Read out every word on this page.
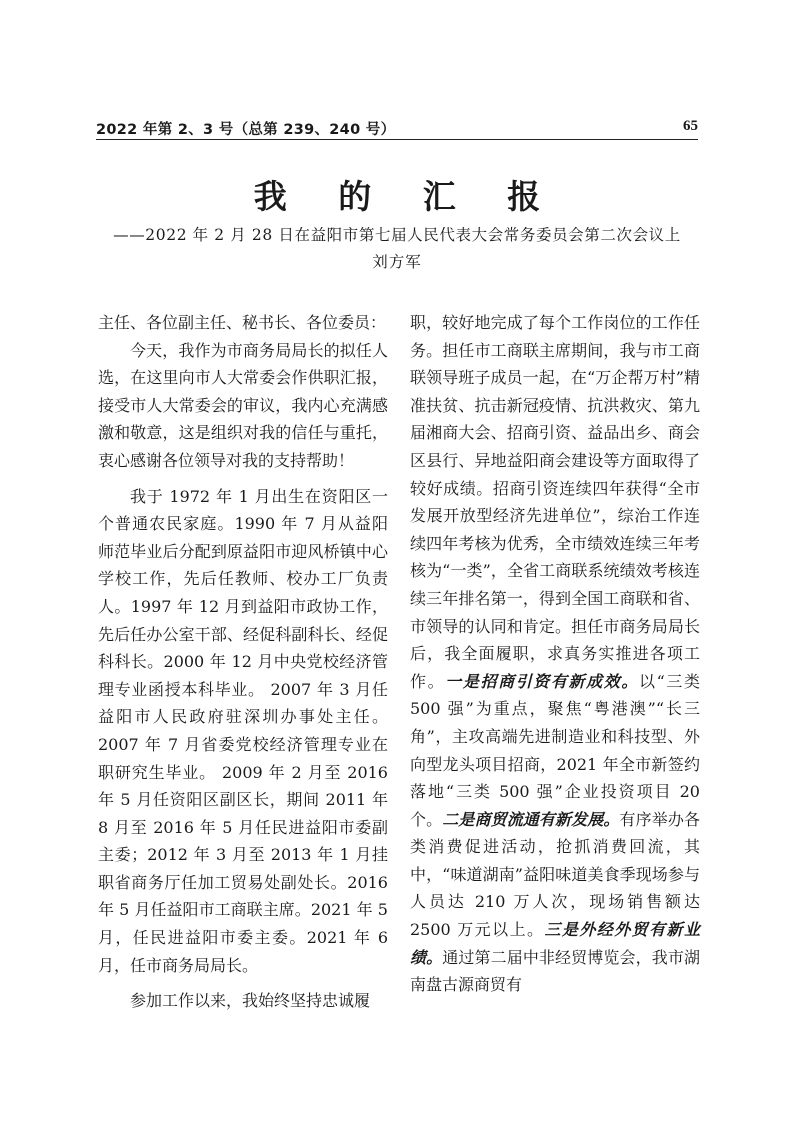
2022 年第 2、3 号（总第 239、240 号）	65
我 的 汇 报
——2022 年 2 月 28 日在益阳市第七届人民代表大会常务委员会第二次会议上
刘方军

主任、各位副主任、秘书长、各位委员：

今天，我作为市商务局局长的拟任人选，在这里向市人大常委会作供职汇报，接受市人大常委会的审议，我内心充满感激和敬意，这是组织对我的信任与重托，衷心感谢各位领导对我的支持帮助！

我于 1972 年 1 月出生在资阳区一个普通农民家庭。1990 年 7 月从益阳师范毕业后分配到原益阳市迎风桥镇中心学校工作，先后任教师、校办工厂负责人。1997 年 12 月到益阳市政协工作，先后任办公室干部、经促科副科长、经促科科长。2000 年 12 月中央党校经济管理专业函授本科毕业。 2007 年 3 月任益阳市人民政府驻深圳办事处主任。2007 年 7 月省委党校经济管理专业在职研究生毕业。 2009 年 2 月至 2016 年 5 月任资阳区副区长，期间 2011 年 8 月至 2016 年 5 月任民进益阳市委副主委；2012 年 3 月至 2013 年 1 月挂职省商务厅任加工贸易处副处长。2016 年 5 月任益阳市工商联主席。2021 年 5 月，任民进益阳市委主委。2021 年 6 月，任市商务局局长。

参加工作以来，我始终坚持忠诚履

职，较好地完成了每个工作岗位的工作任务。担任市工商联主席期间，我与市工商联领导班子成员一起，在“万企帮万村”精准扶贫、抗击新冠疫情、抗洪救灾、第九届湘商大会、招商引资、益品出乡、商会区县行、异地益阳商会建设等方面取得了较好成绩。招商引资连续四年获得“全市发展开放型经济先进单位”，综治工作连续四年考核为优秀，全市绩效连续三年考核为“一类”，全省工商联系统绩效考核连续三年排名第一，得到全国工商联和省、市领导的认同和肯定。担任市商务局局长后，我全面履职，求真务实推进各项工作。一是招商引资有新成效。以“三类 500 强”为重点，聚焦“粤港澳”“长三角”，主攻高端先进制造业和科技型、外向型龙头项目招商，2021 年全市新签约落地“三类 500 强”企业投资项目 20 个。二是商贸流通有新发展。有序举办各类消费促进活动，抢抓消费回流，其中，“味道湖南”益阳味道美食季现场参与人员达 210 万人次，现场销售额达 2500 万元以上。三是外经外贸有新业绩。通过第二届中非经贸博览会，我市湖南盘古源商贸有
